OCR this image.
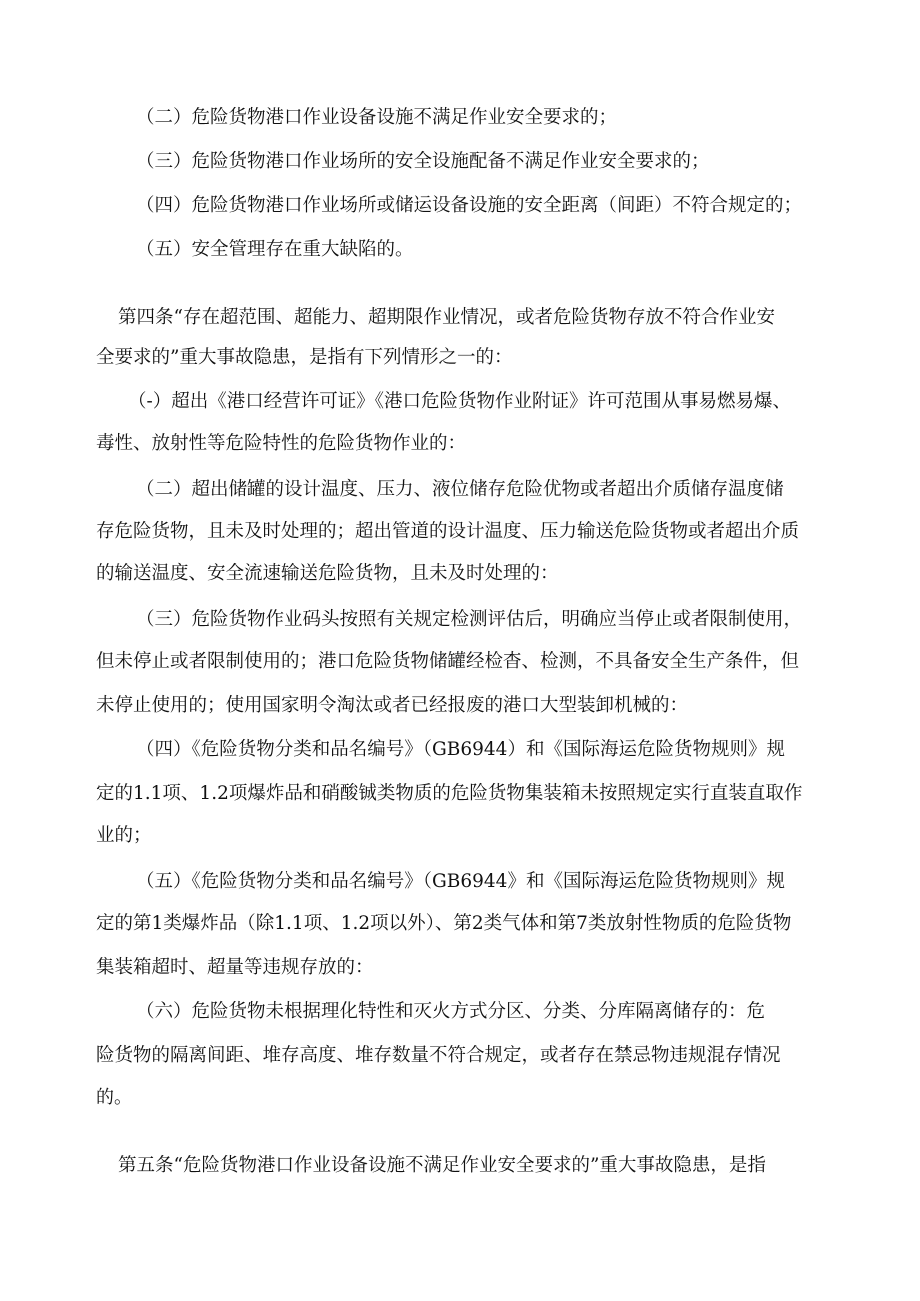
（二）危险货物港口作业设备设施不满足作业安全要求的；
（三）危险货物港口作业场所的安全设施配备不满足作业安全要求的；
（四）危险货物港口作业场所或储运设备设施的安全距离（间距）不符合规定的；
（五）安全管理存在重大缺陷的。
第四条“存在超范围、超能力、超期限作业情况，或者危险货物存放不符合作业安
全要求的”重大事故隐患，是指有下列情形之一的：
（-）超出《港口经营许可证》《港口危险货物作业附证》许可范围从事易燃易爆、
毒性、放射性等危险特性的危险货物作业的：
（二）超出储罐的设计温度、压力、液位储存危险优物或者超出介质储存温度储
存危险货物，且未及时处理的；超出管道的设计温度、压力输送危险货物或者超出介质
的输送温度、安全流速输送危险货物，且未及时处理的：
（三）危险货物作业码头按照有关规定检测评估后，明确应当停止或者限制使用，
但未停止或者限制使用的；港口危险货物储罐经检杳、检测，不具备安全生产条件，但
未停止使用的；使用国家明令淘汰或者已经报废的港口大型装卸机械的：
（四）《危险货物分类和品名编号》（GB6944）和《国际海运危险货物规则》规
定的1.1项、1.2项爆炸品和硝酸铖类物质的危险货物集装箱未按照规定实行直装直取作
业的；
（五）《危险货物分类和品名编号》（GB6944》和《国际海运危险货物规则》规
定的第1类爆炸品（除1.1项、1.2项以外）、第2类气体和第7类放射性物质的危险货物
集装箱超时、超量等违规存放的：
（六）危险货物未根据理化特性和灭火方式分区、分类、分库隔离储存的：危
险货物的隔离间距、堆存高度、堆存数量不符合规定，或者存在禁忌物违规混存情况
的。
第五条“危险货物港口作业设备设施不满足作业安全要求的”重大事故隐患，是指
